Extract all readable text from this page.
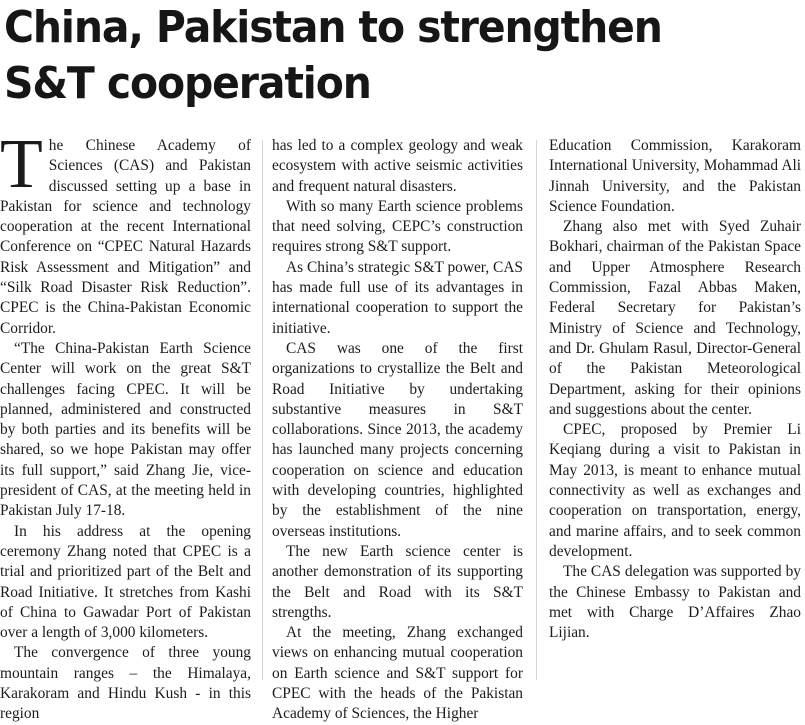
China, Pakistan to strengthen S&T cooperation

The Chinese Academy of Sciences (CAS) and Pakistan discussed setting up a base in Pakistan for science and technology cooperation at the recent International Conference on “CPEC Natural Hazards Risk Assessment and Mitigation” and “Silk Road Disaster Risk Reduction”. CPEC is the China-Pakistan Economic Corridor.

“The China-Pakistan Earth Science Center will work on the great S&T challenges facing CPEC. It will be planned, administered and constructed by both parties and its benefits will be shared, so we hope Pakistan may offer its full support,” said Zhang Jie, vice-president of CAS, at the meeting held in Pakistan July 17-18.

In his address at the opening ceremony Zhang noted that CPEC is a trial and prioritized part of the Belt and Road Initiative. It stretches from Kashi of China to Gawadar Port of Pakistan over a length of 3,000 kilometers.

The convergence of three young mountain ranges – the Himalaya, Karakoram and Hindu Kush - in this region

has led to a complex geology and weak ecosystem with active seismic activities and frequent natural disasters.

With so many Earth science problems that need solving, CEPC’s construction requires strong S&T support.

As China’s strategic S&T power, CAS has made full use of its advantages in international cooperation to support the initiative.

CAS was one of the first organizations to crystallize the Belt and Road Initiative by undertaking substantive measures in S&T collaborations. Since 2013, the academy has launched many projects concerning cooperation on science and education with developing countries, highlighted by the establishment of the nine overseas institutions.

The new Earth science center is another demonstration of its supporting the Belt and Road with its S&T strengths.

At the meeting, Zhang exchanged views on enhancing mutual cooperation on Earth science and S&T support for CPEC with the heads of the Pakistan Academy of Sciences, the Higher

Education Commission, Karakoram International University, Mohammad Ali Jinnah University, and the Pakistan Science Foundation.

Zhang also met with Syed Zuhair Bokhari, chairman of the Pakistan Space and Upper Atmosphere Research Commission, Fazal Abbas Maken, Federal Secretary for Pakistan’s Ministry of Science and Technology, and Dr. Ghulam Rasul, Director-General of the Pakistan Meteorological Department, asking for their opinions and suggestions about the center.

CPEC, proposed by Premier Li Keqiang during a visit to Pakistan in May 2013, is meant to enhance mutual connectivity as well as exchanges and cooperation on transportation, energy, and marine affairs, and to seek common development.

The CAS delegation was supported by the Chinese Embassy to Pakistan and met with Charge D’Affaires Zhao Lijian.
